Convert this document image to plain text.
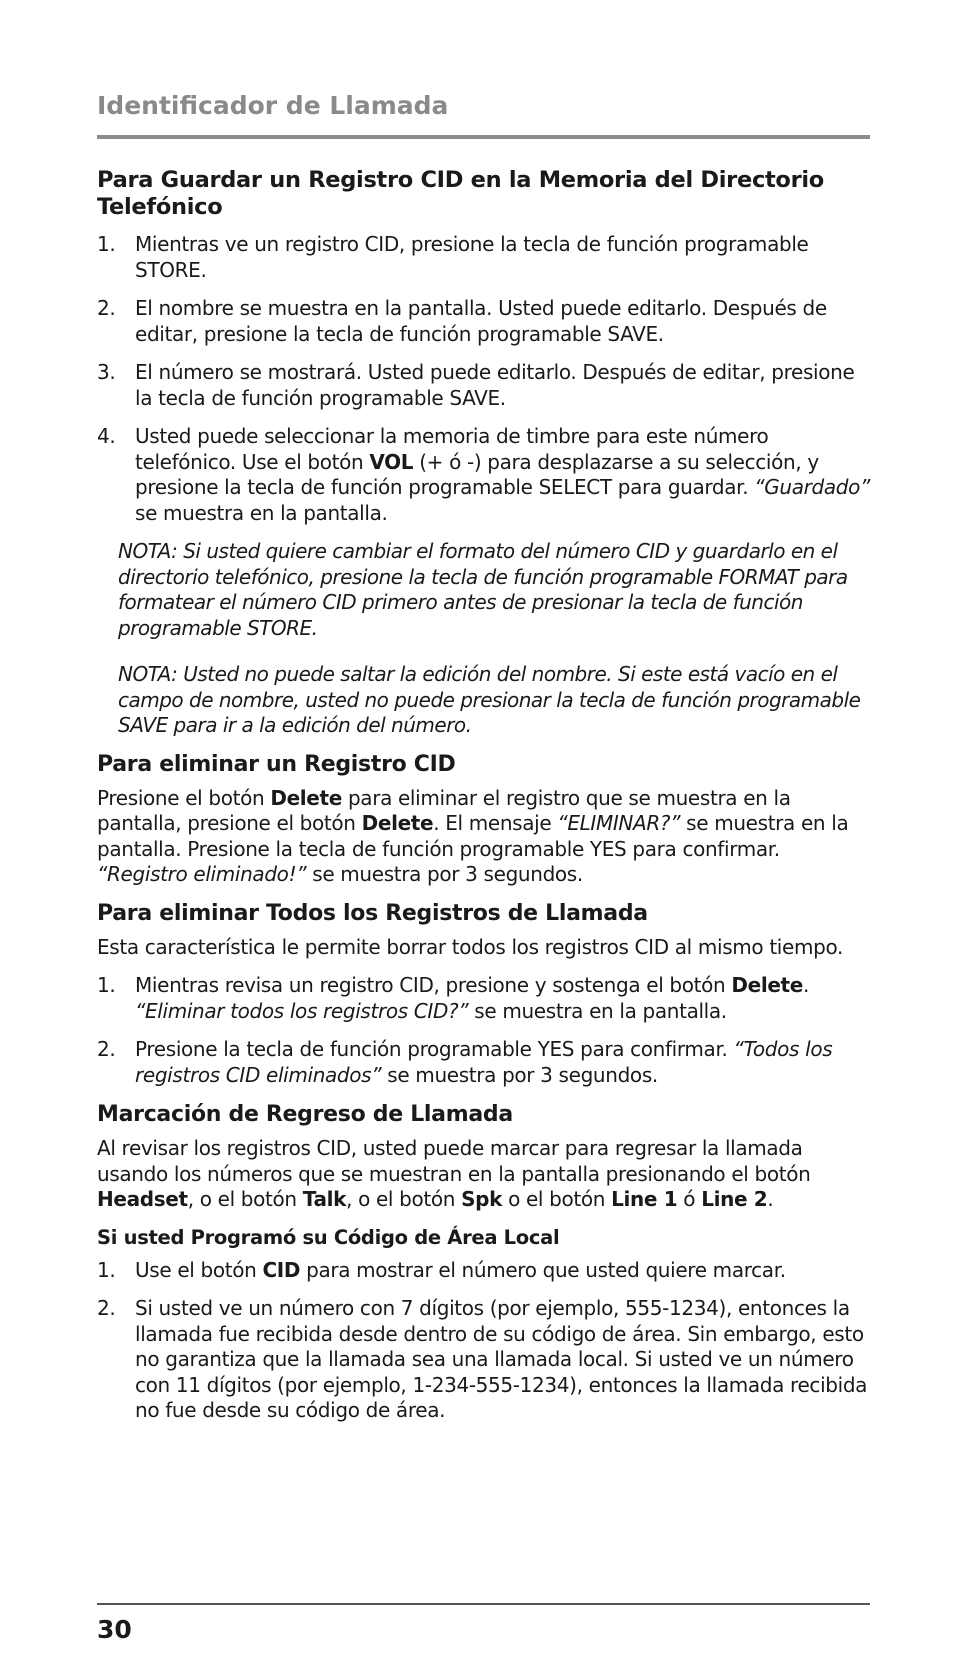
Identificador de Llamada
Para Guardar un Registro CID en la Memoria del Directorio Telefónico
1. Mientras ve un registro CID, presione la tecla de función programable STORE.
2. El nombre se muestra en la pantalla. Usted puede editarlo. Después de editar, presione la tecla de función programable SAVE.
3. El número se mostrará. Usted puede editarlo. Después de editar, presione la tecla de función programable SAVE.
4. Usted puede seleccionar la memoria de timbre para este número telefónico. Use el botón VOL (+ ó -) para desplazarse a su selección, y presione la tecla de función programable SELECT para guardar. “Guardado” se muestra en la pantalla.

NOTA: Si usted quiere cambiar el formato del número CID y guardarlo en el directorio telefónico, presione la tecla de función programable FORMAT para formatear el número CID primero antes de presionar la tecla de función programable STORE.

NOTA: Usted no puede saltar la edición del nombre. Si este está vacío en el campo de nombre, usted no puede presionar la tecla de función programable SAVE para ir a la edición del número.

Para eliminar un Registro CID

Presione el botón Delete para eliminar el registro que se muestra en la pantalla, presione el botón Delete. El mensaje “ELIMINAR?” se muestra en la pantalla. Presione la tecla de función programable YES para confirmar. “Registro eliminado!” se muestra por 3 segundos.

Para eliminar Todos los Registros de Llamada

Esta característica le permite borrar todos los registros CID al mismo tiempo.

1. Mientras revisa un registro CID, presione y sostenga el botón Delete. “Eliminar todos los registros CID?” se muestra en la pantalla.
2. Presione la tecla de función programable YES para confirmar. “Todos los registros CID eliminados” se muestra por 3 segundos.
Marcación de Regreso de Llamada

Al revisar los registros CID, usted puede marcar para regresar la llamada usando los números que se muestran en la pantalla presionando el botón Headset, o el botón Talk, o el botón Spk o el botón Line 1 ó Line 2.

Si usted Programó su Código de Área Local
1. Use el botón CID para mostrar el número que usted quiere marcar.
2. Si usted ve un número con 7 dígitos (por ejemplo, 555-1234), entonces la llamada fue recibida desde dentro de su código de área. Sin embargo, esto no garantiza que la llamada sea una llamada local. Si usted ve un número con 11 dígitos (por ejemplo, 1-234-555-1234), entonces la llamada recibida no fue desde su código de área.
30
